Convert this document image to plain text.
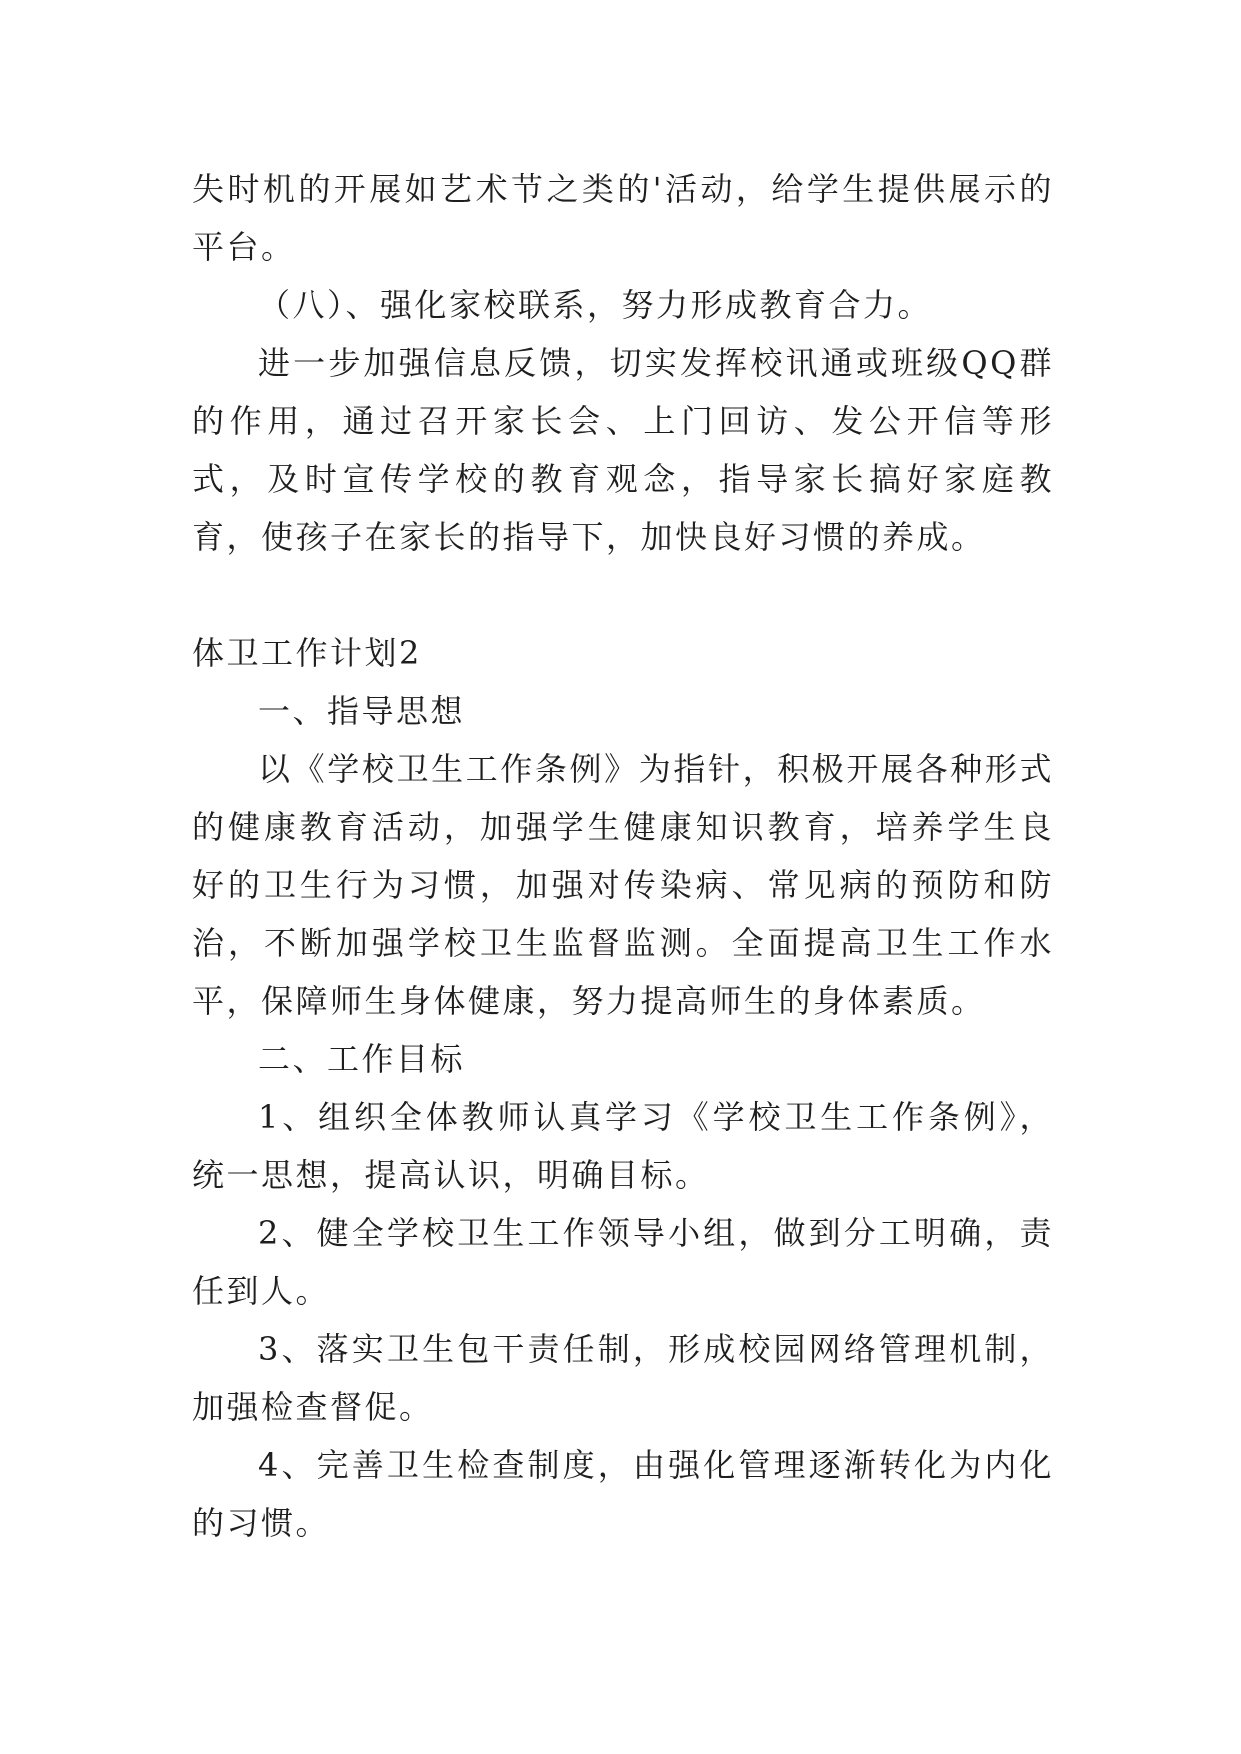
失时机的开展如艺术节之类的'活动，给学生提供展示的平台。

（八）、强化家校联系，努力形成教育合力。

进一步加强信息反馈，切实发挥校讯通或班级QQ群的作用，通过召开家长会、上门回访、发公开信等形式，及时宣传学校的教育观念，指导家长搞好家庭教育，使孩子在家长的指导下，加快良好习惯的养成。

体卫工作计划2

一、指导思想

以《学校卫生工作条例》为指针，积极开展各种形式的健康教育活动，加强学生健康知识教育，培养学生良好的卫生行为习惯，加强对传染病、常见病的预防和防治，不断加强学校卫生监督监测。全面提高卫生工作水平，保障师生身体健康，努力提高师生的身体素质。

二、工作目标

1、组织全体教师认真学习《学校卫生工作条例》，统一思想，提高认识，明确目标。

2、健全学校卫生工作领导小组，做到分工明确，责任到人。

3、落实卫生包干责任制，形成校园网络管理机制，加强检查督促。

4、完善卫生检查制度，由强化管理逐渐转化为内化的习惯。
